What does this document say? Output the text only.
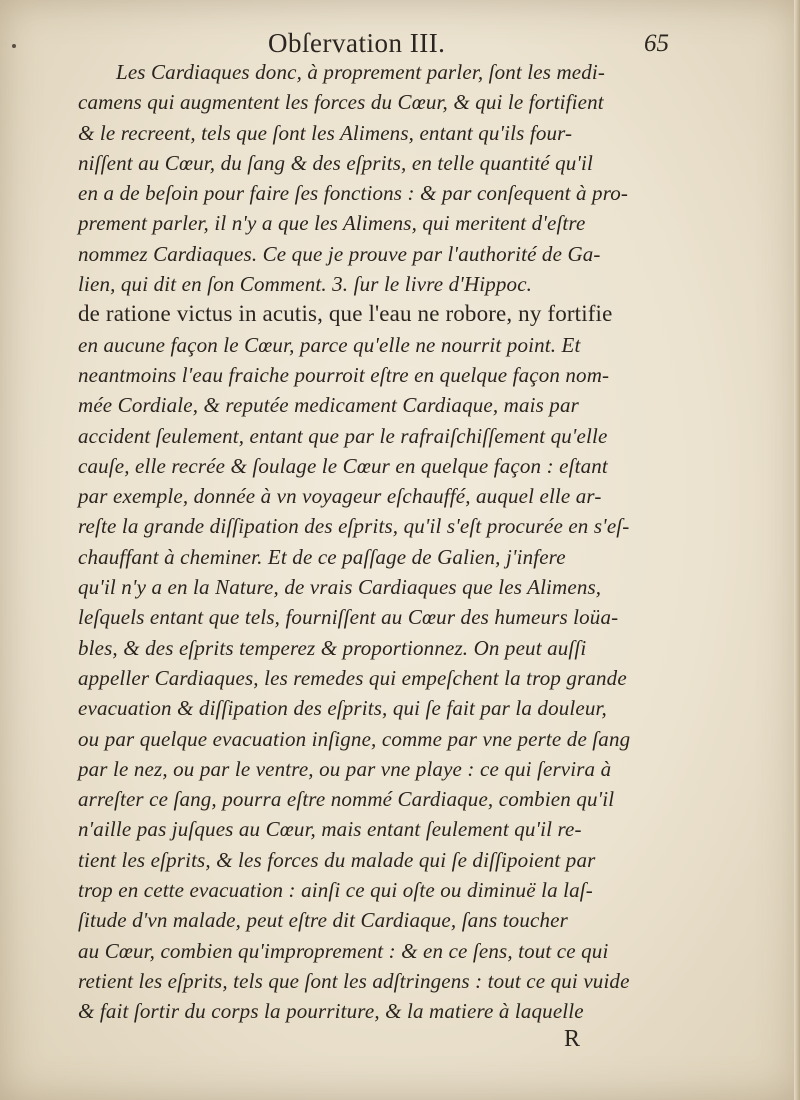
Obſervation III.	65
Les Cardiaques donc, à proprement parler, ſont les medi-
camens qui augmentent les forces du Cœur, & qui le fortifient
& le recreent, tels que ſont les Alimens, entant qu'ils four-
niſſent au Cœur, du ſang & des eſprits, en telle quantité qu'il
en a de beſoin pour faire ſes fonctions : & par conſequent à pro-
prement parler, il n'y a que les Alimens, qui meritent d'eſtre
nommez Cardiaques. Ce que je prouve par l'authorité de Ga-
lien, qui dit en ſon Comment. 3. ſur le livre d'Hippoc.
de ratione victus in acutis, que l'eau ne robore, ny fortifie
en aucune façon le Cœur, parce qu'elle ne nourrit point. Et
neantmoins l'eau fraiche pourroit eſtre en quelque façon nom-
mée Cordiale, & reputée medicament Cardiaque, mais par
accident ſeulement, entant que par le rafraiſchiſſement qu'elle
cauſe, elle recrée & ſoulage le Cœur en quelque façon : eſtant
par exemple, donnée à vn voyageur eſchauffé, auquel elle ar-
reſte la grande diſſipation des eſprits, qu'il s'eſt procurée en s'eſ-
chauffant à cheminer. Et de ce paſſage de Galien, j'infere
qu'il n'y a en la Nature, de vrais Cardiaques que les Alimens,
leſquels entant que tels, fourniſſent au Cœur des humeurs loüa-
bles, & des eſprits temperez & proportionnez. On peut auſſi
appeller Cardiaques, les remedes qui empeſchent la trop grande
evacuation & diſſipation des eſprits, qui ſe fait par la douleur,
ou par quelque evacuation inſigne, comme par vne perte de ſang
par le nez, ou par le ventre, ou par vne playe : ce qui ſervira à
arreſter ce ſang, pourra eſtre nommé Cardiaque, combien qu'il
n'aille pas juſques au Cœur, mais entant ſeulement qu'il re-
tient les eſprits, & les forces du malade qui ſe diſſipoient par
trop en cette evacuation : ainſi ce qui oſte ou diminuë la laſ-
ſitude d'vn malade, peut eſtre dit Cardiaque, ſans toucher
au Cœur, combien qu'improprement : & en ce ſens, tout ce qui
retient les eſprits, tels que ſont les adſtringens : tout ce qui vuide
& fait ſortir du corps la pourriture, & la matiere à laquelle
R
